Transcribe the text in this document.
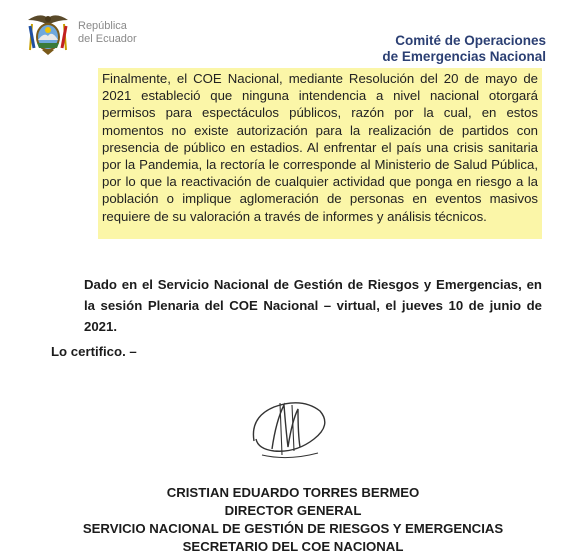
República
del Ecuador	Comité de Operaciones
de Emergencias Nacional

Finalmente, el COE Nacional, mediante Resolución del 20 de mayo de 2021 estableció que ninguna intendencia a nivel nacional otorgará permisos para espectáculos públicos, razón por la cual, en estos momentos no existe autorización para la realización de partidos con presencia de público en estadios. Al enfrentar el país una crisis sanitaria por la Pandemia, la rectoría le corresponde al Ministerio de Salud Pública, por lo que la reactivación de cualquier actividad que ponga en riesgo a la población o implique aglomeración de personas en eventos masivos requiere de su valoración a través de informes y análisis técnicos.

Dado en el Servicio Nacional de Gestión de Riesgos y Emergencias, en la sesión Plenaria del COE Nacional – virtual, el jueves 10 de junio de 2021.
Lo certifico. –
CRISTIAN EDUARDO TORRES BERMEO
DIRECTOR GENERAL
SERVICIO NACIONAL DE GESTIÓN DE RIESGOS Y EMERGENCIAS
SECRETARIO DEL COE NACIONAL
